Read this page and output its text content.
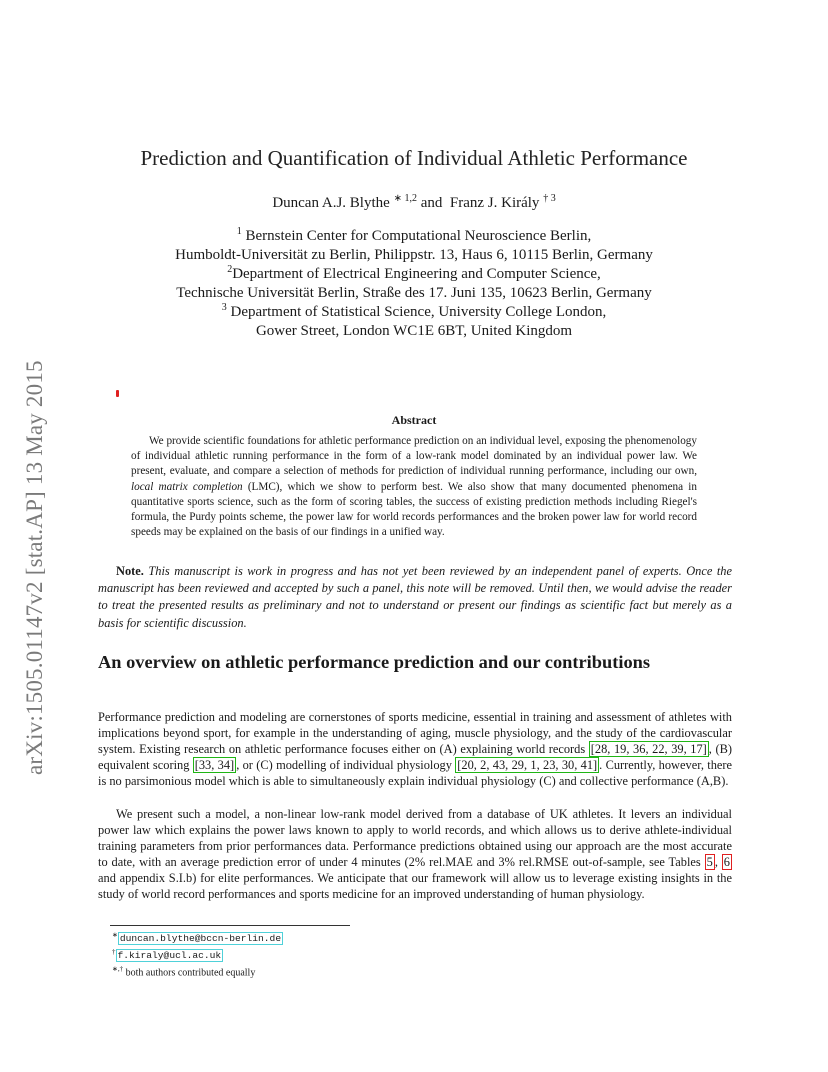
arXiv:1505.01147v2 [stat.AP] 13 May 2015
Prediction and Quantification of Individual Athletic Performance
Duncan A.J. Blythe $^{∗ 1,2}$ and Franz J. Király $^{\dagger 3}$
$^1$ Bernstein Center for Computational Neuroscience Berlin,
Humboldt-Universität zu Berlin, Philippstr. 13, Haus 6, 10115 Berlin, Germany
$^2$Department of Electrical Engineering and Computer Science,
Technische Universität Berlin, Straße des 17. Juni 135, 10623 Berlin, Germany
$^3$ Department of Statistical Science, University College London,
Gower Street, London WC1E 6BT, United Kingdom
Abstract

We provide scientific foundations for athletic performance prediction on an individual level, exposing the phenomenology of individual athletic running performance in the form of a low-rank model dominated by an individual power law. We present, evaluate, and compare a selection of methods for prediction of individual running performance, including our own, local matrix completion (LMC), which we show to perform best. We also show that many documented phenomena in quantitative sports science, such as the form of scoring tables, the success of existing prediction methods including Riegel's formula, the Purdy points scheme, the power law for world records performances and the broken power law for world record speeds may be explained on the basis of our findings in a unified way.

Note. This manuscript is work in progress and has not yet been reviewed by an independent panel of experts. Once the manuscript has been reviewed and accepted by such a panel, this note will be removed. Until then, we would advise the reader to treat the presented results as preliminary and not to understand or present our findings as scientific fact but merely as a basis for scientific discussion.

An overview on athletic performance prediction and our contributions

Performance prediction and modeling are cornerstones of sports medicine, essential in training and assessment of athletes with implications beyond sport, for example in the understanding of aging, muscle physiology, and the study of the cardiovascular system. Existing research on athletic performance focuses either on (A) explaining world records [28, 19, 36, 22, 39, 17] , (B) equivalent scoring [33, 34] , or (C) modelling of individual physiology [20, 2, 43, 29, 1, 23, 30, 41] . Currently, however, there is no parsimonious model which is able to simultaneously explain individual physiology (C) and collective performance (A,B).

We present such a model, a non-linear low-rank model derived from a database of UK athletes. It levers an individual power law which explains the power laws known to apply to world records, and which allows us to derive athlete-individual training parameters from prior performances data. Performance predictions obtained using our approach are the most accurate to date, with an average prediction error of under 4 minutes (2% rel.MAE and 3% rel.RMSE out-of-sample, see Tables 5 , 6 and appendix S.I.b) for elite performances. We anticipate that our framework will allow us to leverage existing insights in the study of world record performances and sports medicine for an improved understanding of human physiology.

∗ duncan.blythe@bccn-berlin.de
† f.kiraly@ucl.ac.uk
∗,† both authors contributed equally
